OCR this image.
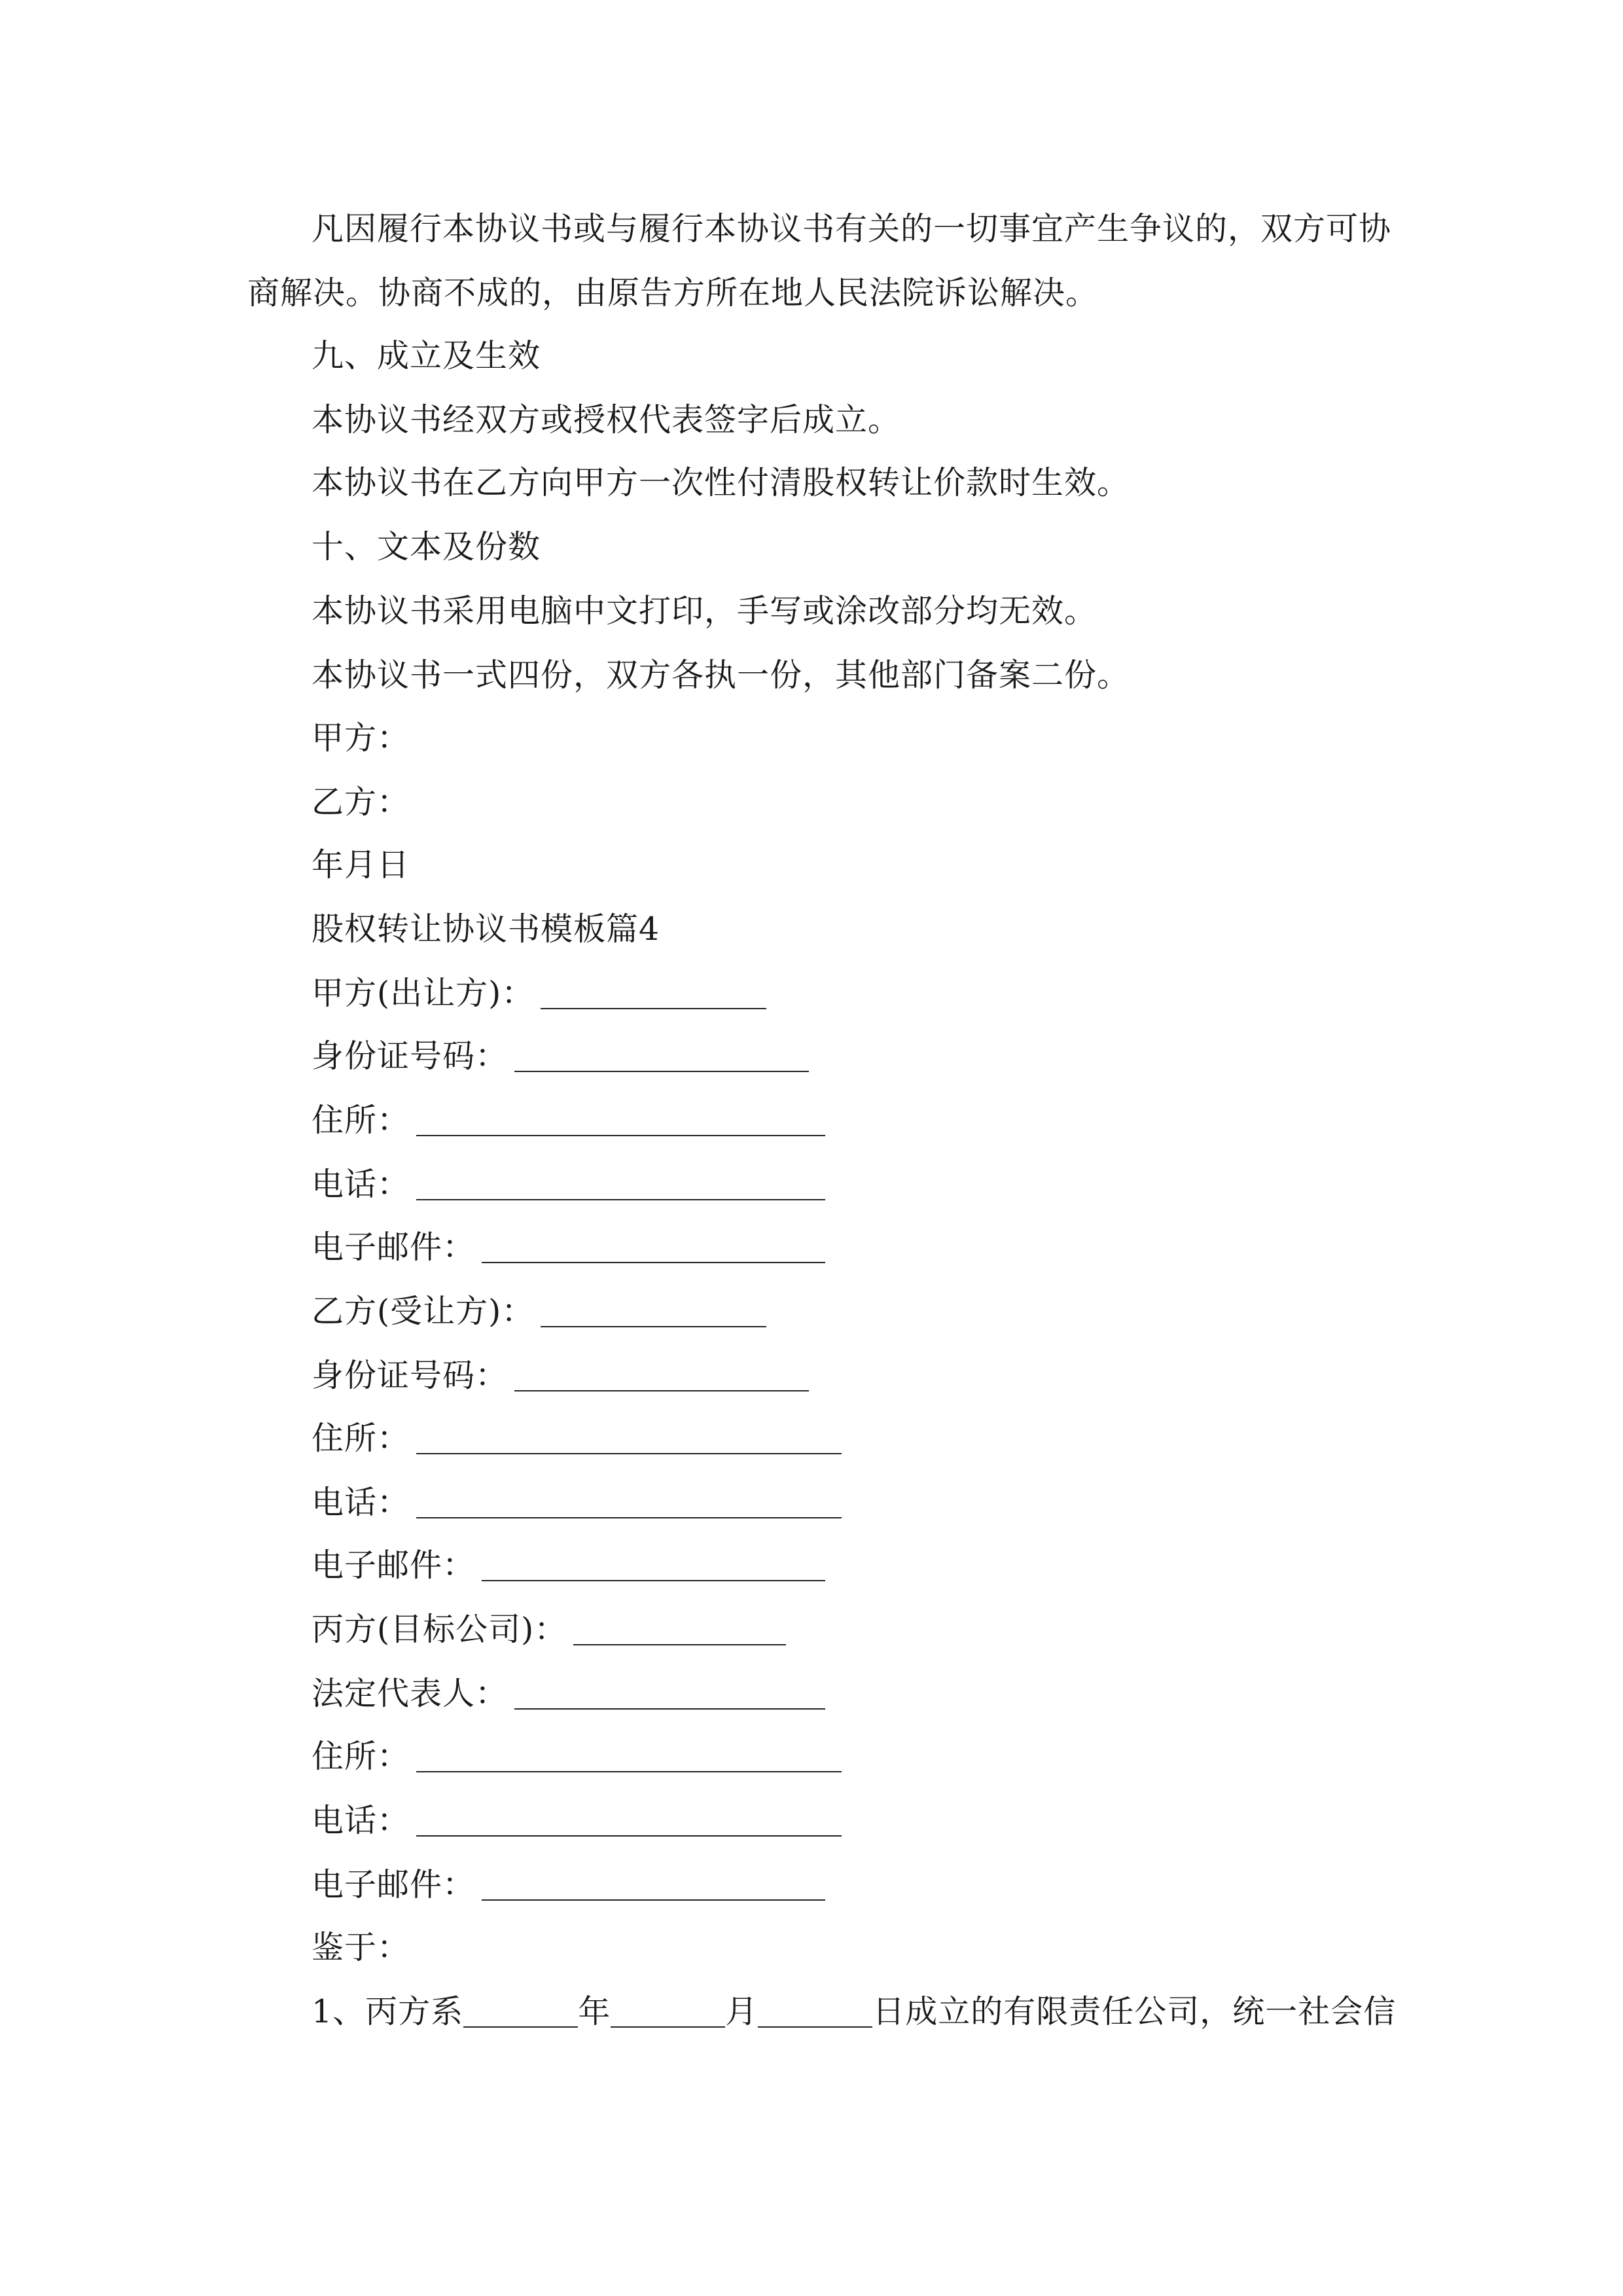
凡因履行本协议书或与履行本协议书有关的一切事宜产生争议的，双方可协
商解决。协商不成的，由原告方所在地人民法院诉讼解决。
九、成立及生效
本协议书经双方或授权代表签字后成立。
本协议书在乙方向甲方一次性付清股权转让价款时生效。
十、文本及份数
本协议书采用电脑中文打印，手写或涂改部分均无效。
本协议书一式四份，双方各执一份，其他部门备案二份。
甲方：
乙方：
年月日
股权转让协议书模板篇4
甲方(出让方)：
身份证号码：
住所：
电话：
电子邮件：
乙方(受让方)：
身份证号码：
住所：
电话：
电子邮件：
丙方(目标公司)：
法定代表人：
住所：
电话：
电子邮件：
鉴于：
1、丙方系	年	月	日成立的有限责任公司，统一社会信
